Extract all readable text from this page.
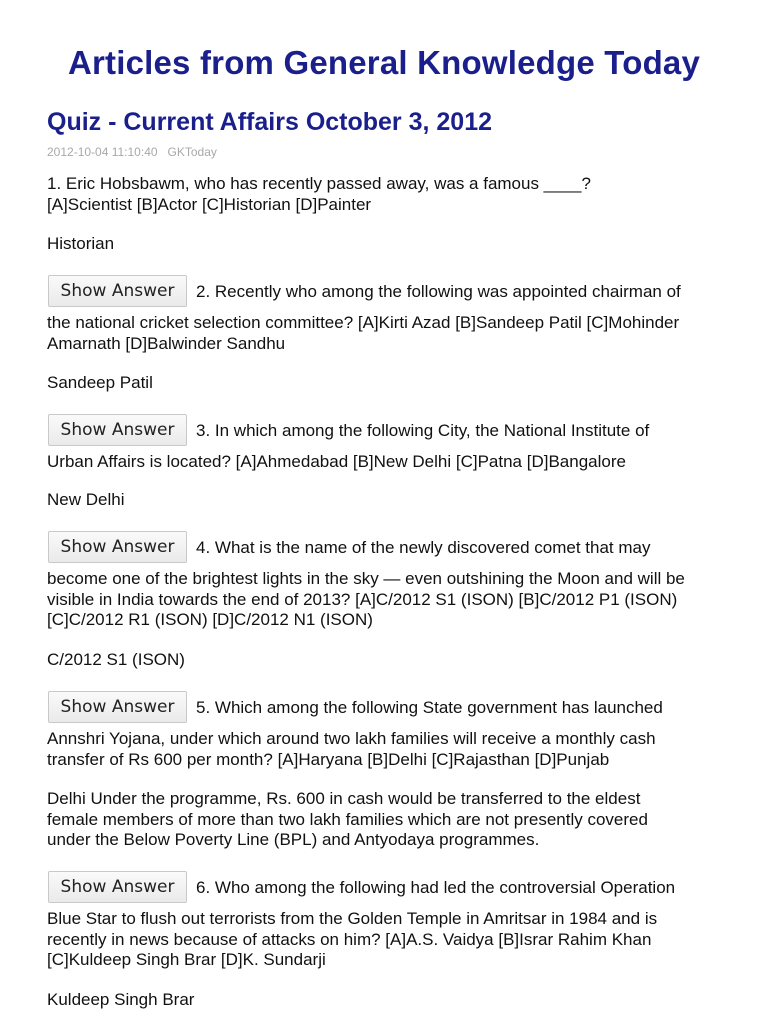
Articles from General Knowledge Today
Quiz - Current Affairs October 3, 2012
2012-10-04 11:10:40   GKToday
1. Eric Hobsbawm, who has recently passed away, was a famous ____?
[A]Scientist [B]Actor [C]Historian [D]Painter
Historian
Show Answer	2. Recently who among the following was appointed chairman of
the national cricket selection committee? [A]Kirti Azad [B]Sandeep Patil [C]Mohinder
Amarnath [D]Balwinder Sandhu
Sandeep Patil
Show Answer	3. In which among the following City, the National Institute of
Urban Affairs is located? [A]Ahmedabad [B]New Delhi [C]Patna [D]Bangalore
New Delhi
Show Answer	4. What is the name of the newly discovered comet that may
become one of the brightest lights in the sky — even outshining the Moon and will be
visible in India towards the end of 2013? [A]C/2012 S1 (ISON) [B]C/2012 P1 (ISON)
[C]C/2012 R1 (ISON) [D]C/2012 N1 (ISON)
C/2012 S1 (ISON)
Show Answer	5. Which among the following State government has launched
Annshri Yojana, under which around two lakh families will receive a monthly cash
transfer of Rs 600 per month? [A]Haryana [B]Delhi [C]Rajasthan [D]Punjab
Delhi Under the programme, Rs. 600 in cash would be transferred to the eldest
female members of more than two lakh families which are not presently covered
under the Below Poverty Line (BPL) and Antyodaya programmes.
Show Answer	6. Who among the following had led the controversial Operation
Blue Star to flush out terrorists from the Golden Temple in Amritsar in 1984 and is
recently in news because of attacks on him? [A]A.S. Vaidya [B]Israr Rahim Khan
[C]Kuldeep Singh Brar [D]K. Sundarji
Kuldeep Singh Brar
